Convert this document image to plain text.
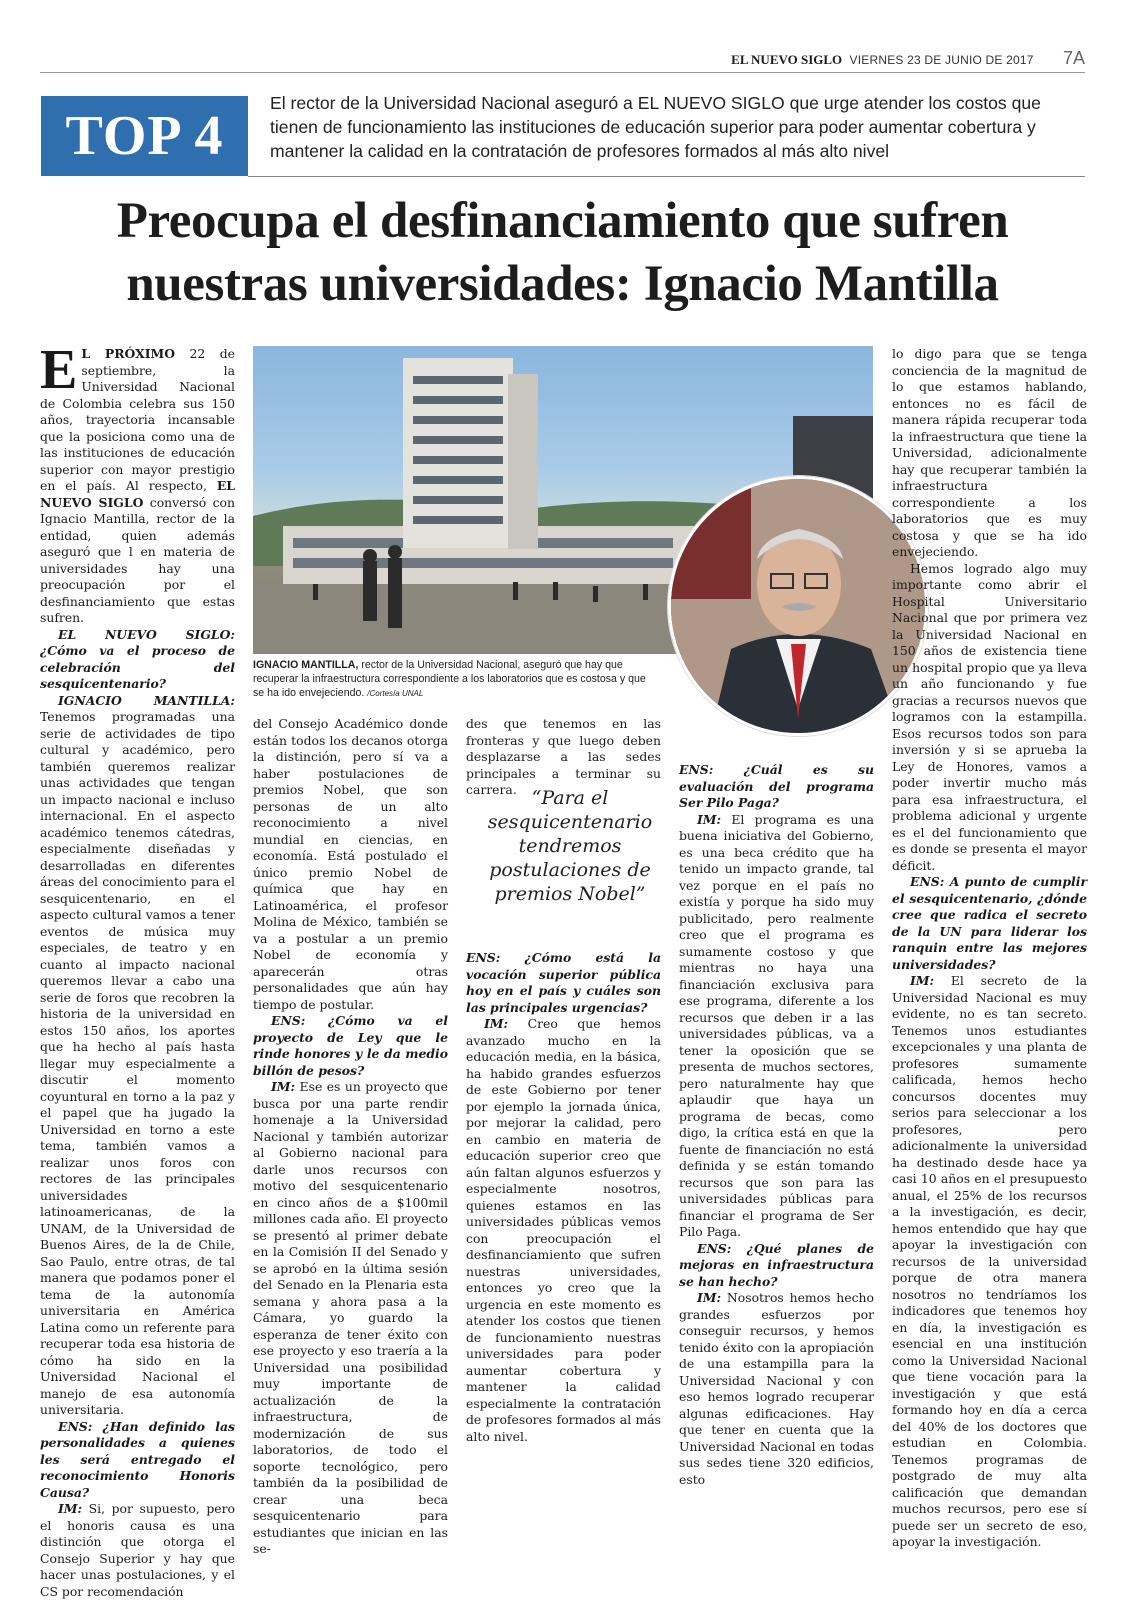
EL NUEVO SIGLO VIERNES 23 DE JUNIO DE 2017	7A
TOP 4
El rector de la Universidad Nacional aseguró a EL NUEVO SIGLO que urge atender los costos que tienen de funcionamiento las instituciones de educación superior para poder aumentar cobertura y mantener la calidad en la contratación de profesores formados al más alto nivel
Preocupa el desfinanciamiento que sufren
nuestras universidades: Ignacio Mantilla

E L PRÓXIMO 22 de septiembre, la Universidad Nacional de Colombia celebra sus 150 años, trayectoria incansable que la posiciona como una de las instituciones de educación superior con mayor prestigio en el país. Al respecto, EL NUEVO SIGLO conversó con Ignacio Mantilla, rector de la entidad, quien además aseguró que l en materia de universidades hay una preocupación por el desfinanciamiento que estas sufren.

EL NUEVO SIGLO: ¿Cómo va el proceso de celebración del sesquicentenario?

IGNACIO MANTILLA: Tenemos programadas una serie de actividades de tipo cultural y académico, pero también queremos realizar unas actividades que tengan un impacto nacional e incluso internacional. En el aspecto académico tenemos cátedras, especialmente diseñadas y desarrolladas en diferentes áreas del conocimiento para el sesquicentenario, en el aspecto cultural vamos a tener eventos de música muy especiales, de teatro y en cuanto al impacto nacional queremos llevar a cabo una serie de foros que recobren la historia de la universidad en estos 150 años, los aportes que ha hecho al país hasta llegar muy especialmente a discutir el momento coyuntural en torno a la paz y el papel que ha jugado la Universidad en torno a este tema, también vamos a realizar unos foros con rectores de las principales universidades latinoamericanas, de la UNAM, de la Universidad de Buenos Aires, de la de Chile, Sao Paulo, entre otras, de tal manera que podamos poner el tema de la autonomía universitaria en América Latina como un referente para recuperar toda esa historia de cómo ha sido en la Universidad Nacional el manejo de esa autonomía universitaria.

ENS: ¿Han definido las personalidades a quienes les será entregado el reconocimiento Honoris Causa?

IM: Si, por supuesto, pero el honoris causa es una distinción que otorga el Consejo Superior y hay que hacer unas postulaciones, y el CS por recomendación

IGNACIO MANTILLA, rector de la Universidad Nacional, aseguró que hay que recuperar la infraestructura correspondiente a los laboratorios que es costosa y que se ha ido envejeciendo. /Cortesía UNAL

del Consejo Académico donde están todos los decanos otorga la distinción, pero sí va a haber postulaciones de premios Nobel, que son personas de un alto reconocimiento a nivel mundial en ciencias, en economía. Está postulado el único premio Nobel de química que hay en Latinoamérica, el profesor Molina de México, también se va a postular a un premio Nobel de economía y aparecerán otras personalidades que aún hay tiempo de postular.

ENS: ¿Cómo va el proyecto de Ley que le rinde honores y le da medio billón de pesos?

IM: Ese es un proyecto que busca por una parte rendir homenaje a la Universidad Nacional y también autorizar al Gobierno nacional para darle unos recursos con motivo del sesquicentenario en cinco años de a $100mil millones cada año. El proyecto se presentó al primer debate en la Comisión II del Senado y se aprobó en la última sesión del Senado en la Plenaria esta semana y ahora pasa a la Cámara, yo guardo la esperanza de tener éxito con ese proyecto y eso traería a la Universidad una posibilidad muy importante de actualización de la infraestructura, de modernización de sus laboratorios, de todo el soporte tecnológico, pero también da la posibilidad de crear una beca sesquicentenario para estudiantes que inician en las se-

des que tenemos en las fronteras y que luego deben desplazarse a las sedes principales a terminar su carrera. “Para el sesquicentenario tendremos postulaciones de premios Nobel”

ENS: ¿Cómo está la vocación superior pública hoy en el país y cuáles son las principales urgencias?

IM: Creo que hemos avanzado mucho en la educación media, en la básica, ha habido grandes esfuerzos de este Gobierno por tener por ejemplo la jornada única, por mejorar la calidad, pero en cambio en materia de educación superior creo que aún faltan algunos esfuerzos y especialmente nosotros, quienes estamos en las universidades públicas vemos con preocupación el desfinanciamiento que sufren nuestras universidades, entonces yo creo que la urgencia en este momento es atender los costos que tienen de funcionamiento nuestras universidades para poder aumentar cobertura y mantener la calidad especialmente la contratación de profesores formados al más alto nivel.

ENS: ¿Cuál es su evaluación del programa Ser Pilo Paga?

IM: El programa es una buena iniciativa del Gobierno, es una beca crédito que ha tenido un impacto grande, tal vez porque en el país no existía y porque ha sido muy publicitado, pero realmente creo que el programa es sumamente costoso y que mientras no haya una financiación exclusiva para ese programa, diferente a los recursos que deben ir a las universidades públicas, va a tener la oposición que se presenta de muchos sectores, pero naturalmente hay que aplaudir que haya un programa de becas, como digo, la crítica está en que la fuente de financiación no está definida y se están tomando recursos que son para las universidades públicas para financiar el programa de Ser Pilo Paga.

ENS: ¿Qué planes de mejoras en infraestructura se han hecho?

IM: Nosotros hemos hecho grandes esfuerzos por conseguir recursos, y hemos tenido éxito con la apropiación de una estampilla para la Universidad Nacional y con eso hemos logrado recuperar algunas edificaciones. Hay que tener en cuenta que la Universidad Nacional en todas sus sedes tiene 320 edificios, esto

lo digo para que se tenga conciencia de la magnitud de lo que estamos hablando, entonces no es fácil de manera rápida recuperar toda la infraestructura que tiene la Universidad, adicionalmente hay que recuperar también la infraestructura correspondiente a los laboratorios que es muy costosa y que se ha ido envejeciendo.

Hemos logrado algo muy importante como abrir el Hospital Universitario Nacional que por primera vez la Universidad Nacional en 150 años de existencia tiene un hospital propio que ya lleva un año funcionando y fue gracias a recursos nuevos que logramos con la estampilla. Esos recursos todos son para inversión y si se aprueba la Ley de Honores, vamos a poder invertir mucho más para esa infraestructura, el problema adicional y urgente es el del funcionamiento que es donde se presenta el mayor déficit.

ENS: A punto de cumplir el sesquicentenario, ¿dónde cree que radica el secreto de la UN para liderar los ranquin entre las mejores universidades?

IM: El secreto de la Universidad Nacional es muy evidente, no es tan secreto. Tenemos unos estudiantes excepcionales y una planta de profesores sumamente calificada, hemos hecho concursos docentes muy serios para seleccionar a los profesores, pero adicionalmente la universidad ha destinado desde hace ya casi 10 años en el presupuesto anual, el 25% de los recursos a la investigación, es decir, hemos entendido que hay que apoyar la investigación con recursos de la universidad porque de otra manera nosotros no tendríamos los indicadores que tenemos hoy en día, la investigación es esencial en una institución como la Universidad Nacional que tiene vocación para la investigación y que está formando hoy en día a cerca del 40% de los doctores que estudian en Colombia. Tenemos programas de postgrado de muy alta calificación que demandan muchos recursos, pero ese sí puede ser un secreto de eso, apoyar la investigación.
